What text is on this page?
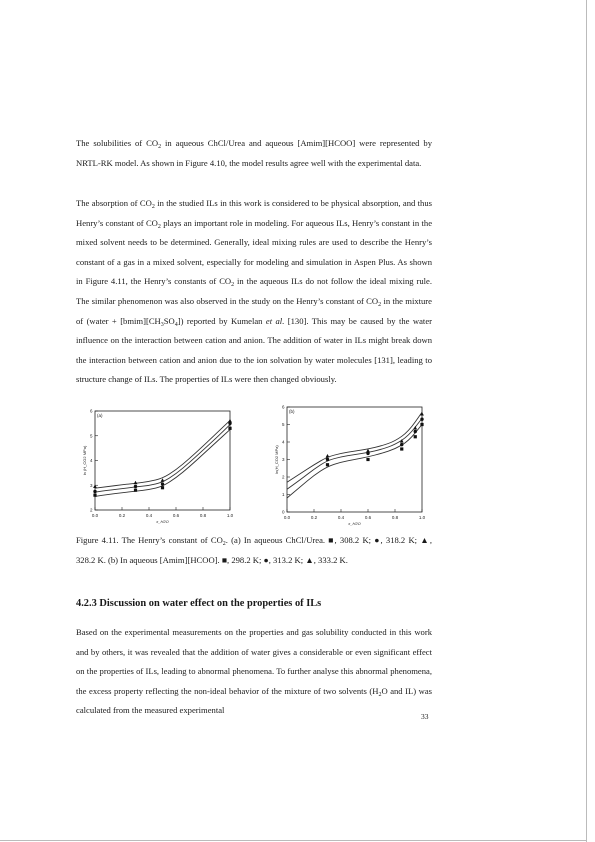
The solubilities of $CO_2$ in aqueous ChCl/Urea and aqueous [Amim][HCOO] were represented by NRTL-RK model. As shown in Figure 4.10, the model results agree well with the experimental data.

The absorption of $CO_2$ in the studied ILs in this work is considered to be physical absorption, and thus Henry’s constant of $CO_2$ plays an important role in modeling. For aqueous ILs, Henry’s constant in the mixed solvent needs to be determined. Generally, ideal mixing rules are used to describe the Henry’s constant of a gas in a mixed solvent, especially for modeling and simulation in Aspen Plus. As shown in Figure 4.11, the Henry’s constants of $CO_2$ in the aqueous ILs do not follow the ideal mixing rule. The similar phenomenon was also observed in the study on the Henry’s constant of $CO_2$ in the mixture of (water + $[bmim][CH_3SO_4]$) reported by Kumelan et al. [130]. This may be caused by the water influence on the interaction between cation and anion. The addition of water in ILs might break down the interaction between cation and anion due to the ion solvation by water molecules [131], leading to structure change of ILs. The properties of ILs were then changed obviously.

0.0	0.2	0.4	0.6	0.8	1.0
2
3
4
5
6
x_H2O
ln (H_CO2 MPa)
(a)
0.0	0.2	0.4	0.6	0.8	1.0
0
1
2
3
4
5
6
x_H2O
ln(H_CO2 MPa)
(b)

Figure 4.11. The Henry’s constant of $CO_2$. (a) In aqueous ChCl/Urea. ■, 308.2 K; ●, 318.2 K; ▲, 328.2 K. (b) In aqueous [Amim][HCOO]. ■, 298.2 K; ●, 313.2 K; ▲, 333.2 K.

4.2.3 Discussion on water effect on the properties of ILs

Based on the experimental measurements on the properties and gas solubility conducted in this work and by others, it was revealed that the addition of water gives a considerable or even significant effect on the properties of ILs, leading to abnormal phenomena. To further analyse this abnormal phenomena, the excess property reflecting the non-ideal behavior of the mixture of two solvents ($H_2O$ and IL) was calculated from the measured experimental

33
